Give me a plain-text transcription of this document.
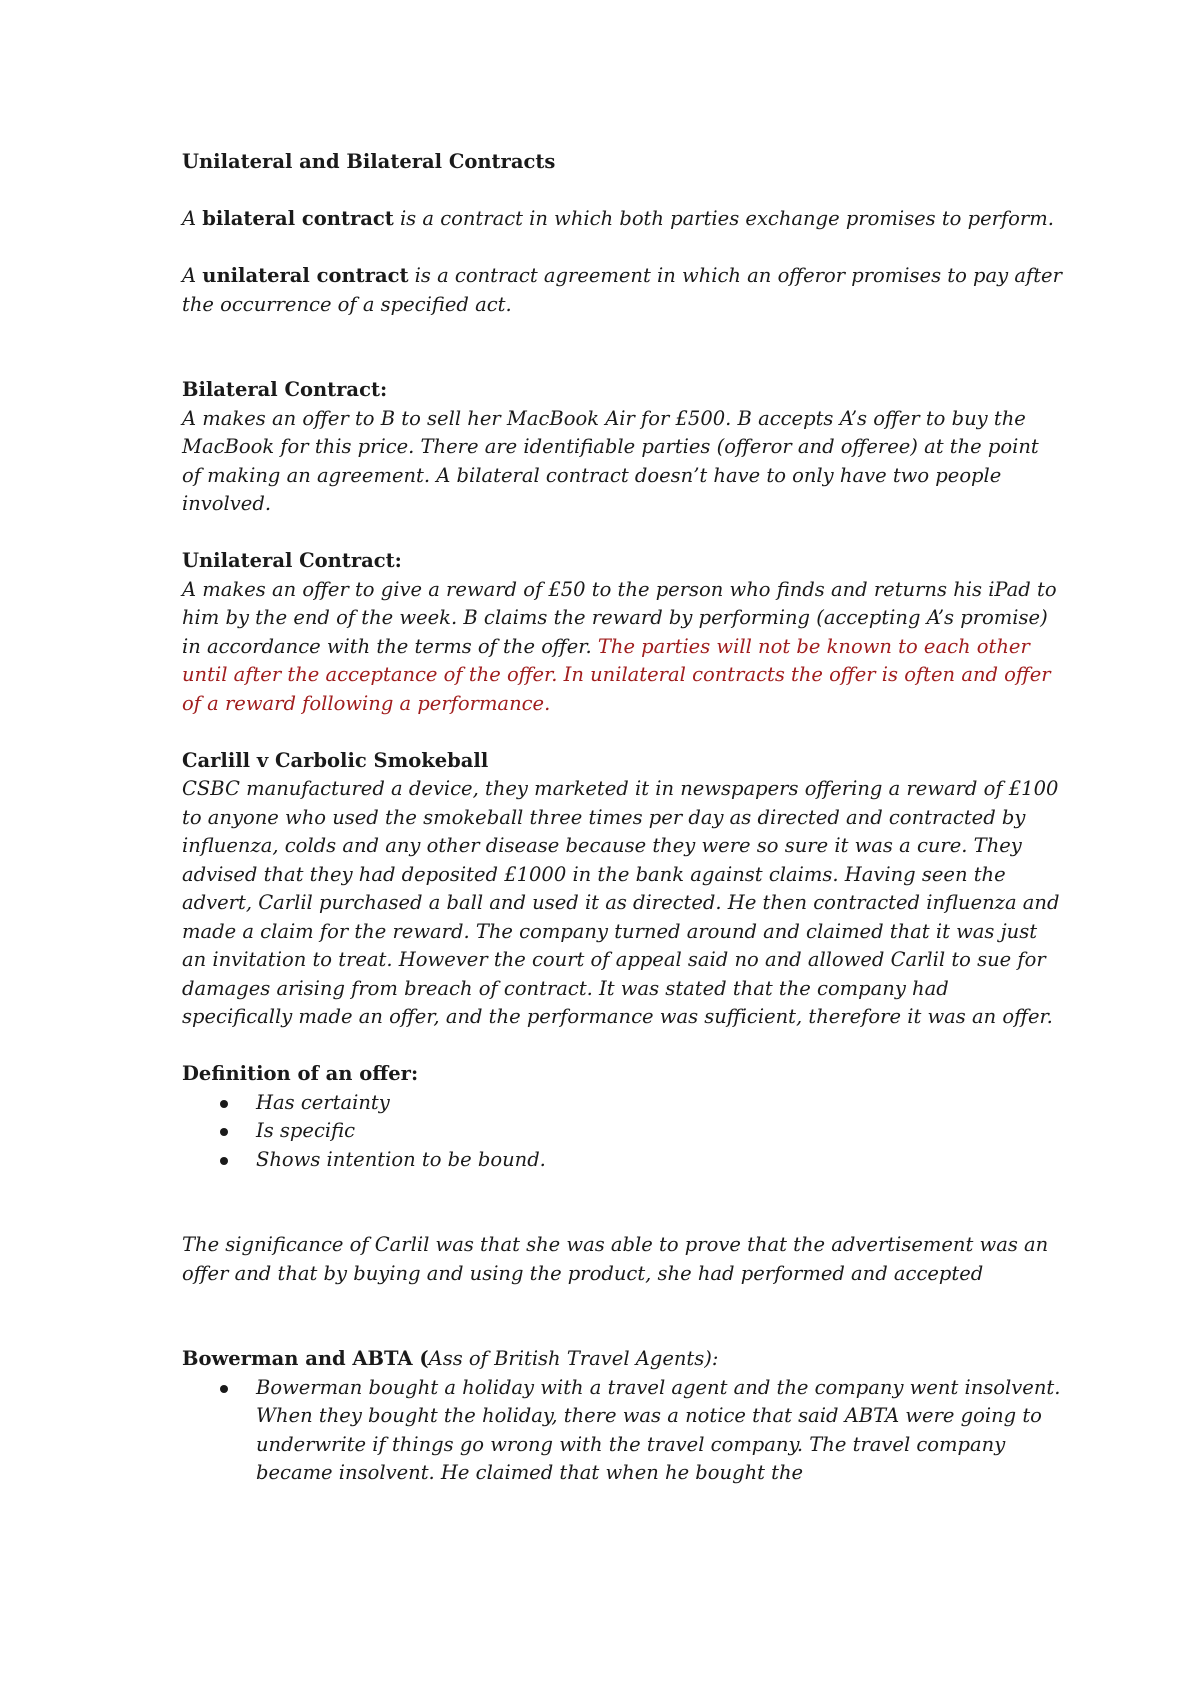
Unilateral and Bilateral Contracts

A bilateral contract is a contract in which both parties exchange promises to perform.

A unilateral contract is a contract agreement in which an offeror promises to pay after the occurrence of a specified act.

Bilateral Contract:

A makes an offer to B to sell her MacBook Air for £500. B accepts A’s offer to buy the MacBook for this price. There are identifiable parties (offeror and offeree) at the point of making an agreement. A bilateral contract doesn’t have to only have two people involved.

Unilateral Contract:

A makes an offer to give a reward of £50 to the person who finds and returns his iPad to him by the end of the week. B claims the reward by performing (accepting A’s promise) in accordance with the terms of the offer. The parties will not be known to each other until after the acceptance of the offer. In unilateral contracts the offer is often and offer of a reward following a performance.

Carlill v Carbolic Smokeball

CSBC manufactured a device, they marketed it in newspapers offering a reward of £100 to anyone who used the smokeball three times per day as directed and contracted by influenza, colds and any other disease because they were so sure it was a cure. They advised that they had deposited £1000 in the bank against claims. Having seen the advert, Carlil purchased a ball and used it as directed. He then contracted influenza and made a claim for the reward. The company turned around and claimed that it was just an invitation to treat. However the court of appeal said no and allowed Carlil to sue for damages arising from breach of contract. It was stated that the company had specifically made an offer, and the performance was sufficient, therefore it was an offer.

Definition of an offer:

Has certainty
Is specific
Shows intention to be bound.

The significance of Carlil was that she was able to prove that the advertisement was an offer and that by buying and using the product, she had performed and accepted

Bowerman and ABTA (Ass of British Travel Agents):

Bowerman bought a holiday with a travel agent and the company went insolvent. When they bought the holiday, there was a notice that said ABTA were going to underwrite if things go wrong with the travel company. The travel company became insolvent. He claimed that when he bought the
